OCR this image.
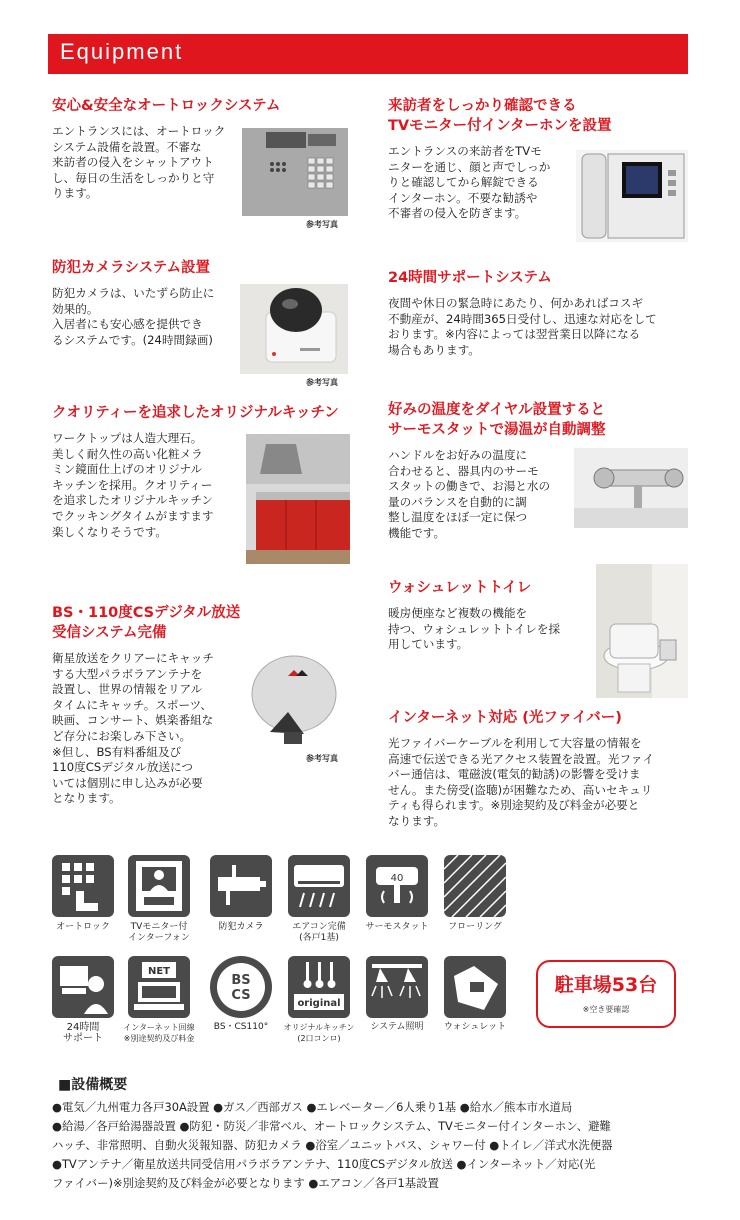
Equipment
安心&安全なオートロックシステム

エントランスには、オートロック
システム設備を設置。不審な
来訪者の侵入をシャットアウト
し、毎日の生活をしっかりと守
ります。

参考写真
防犯カメラシステム設置

防犯カメラは、いたずら防止に
効果的。
入居者にも安心感を提供でき
るシステムです。(24時間録画)

参考写真
クオリティーを追求したオリジナルキッチン

ワークトップは人造大理石。
美しく耐久性の高い化粧メラ
ミン鏡面仕上げのオリジナル
キッチンを採用。クオリティー
を追求したオリジナルキッチン
でクッキングタイムがますます
楽しくなりそうです。

BS・110度CSデジタル放送
受信システム完備

衛星放送をクリアーにキャッチ
する大型パラボラアンテナを
設置し、世界の情報をリアル
タイムにキャッチ。スポーツ、
映画、コンサート、娯楽番組な
ど存分にお楽しみ下さい。
※但し、BS有料番組及び
110度CSデジタル放送につ
いては個別に申し込みが必要
となります。

参考写真
来訪者をしっかり確認できる
TVモニター付インターホンを設置

エントランスの来訪者をTVモ
ニターを通じ、顔と声でしっか
りと確認してから解錠できる
インターホン。不要な勧誘や
不審者の侵入を防ぎます。

24時間サポートシステム

夜間や休日の緊急時にあたり、何かあればコスギ
不動産が、24時間365日受付し、迅速な対応をして
おります。※内容によっては翌営業日以降になる
場合もあります。

好みの温度をダイヤル設置すると
サーモスタットで湯温が自動調整

ハンドルをお好みの温度に
合わせると、器具内のサーモ
スタットの働きで、お湯と水の
量のバランスを自動的に調
整し温度をほぼ一定に保つ
機能です。

ウォシュレットトイレ

暖房便座など複数の機能を
持つ、ウォシュレットトイレを採
用しています。

インターネット対応 (光ファイバー)

光ファイバーケーブルを利用して大容量の情報を
高速で伝送できる光アクセス装置を設置。光ファイ
バー通信は、電磁波(電気的勧誘)の影響を受けま
せん。また傍受(盗聴)が困難なため、高いセキュリ
ティも得られます。※別途契約及び料金が必要と
なります。

オートロック	TVモニター付
インターフォン
防犯カメラ	エアコン完備
(各戸1基)
40
サーモスタット	フローリング
24時間
サポート
NET
インターネット回線
※別途契約及び料金
BS
CS
BS・CS110°
original
オリジナルキッチン
(2口コンロ)
システム照明	ウォシュレット
駐車場53台
※空き要確認
■設備概要
●電気／九州電力各戸30A設置 ●ガス／西部ガス ●エレベーター／6人乗り1基 ●給水／熊本市水道局
●給湯／各戸給湯器設置 ●防犯・防災／非常ベル、オートロックシステム、TVモニター付インターホン、避難
ハッチ、非常照明、自動火災報知器、防犯カメラ ●浴室／ユニットバス、シャワー付 ●トイレ／洋式水洗便器
●TVアンテナ／衛星放送共同受信用パラボラアンテナ、110度CSデジタル放送 ●インターネット／対応(光
ファイバー)※別途契約及び料金が必要となります ●エアコン／各戸1基設置
